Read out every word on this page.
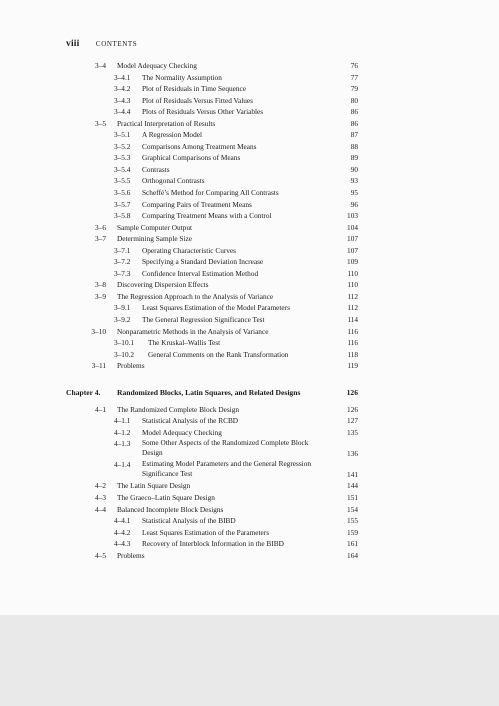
viii CONTENTS
3–4 Model Adequacy Checking	76
3–4.1 The Normality Assumption	77
3–4.2 Plot of Residuals in Time Sequence	79
3–4.3 Plot of Residuals Versus Fitted Values	80
3–4.4 Plots of Residuals Versus Other Variables	86
3–5 Practical Interpretation of Results	86
3–5.1 A Regression Model	87
3–5.2 Comparisons Among Treatment Means	88
3–5.3 Graphical Comparisons of Means	89
3–5.4 Contrasts	90
3–5.5 Orthogonal Contrasts	93
3–5.6 Scheffé’s Method for Comparing All Contrasts	95
3–5.7 Comparing Pairs of Treatment Means	96
3–5.8 Comparing Treatment Means with a Control	103
3–6 Sample Computer Output	104
3–7 Determining Sample Size	107
3–7.1 Operating Characteristic Curves	107
3–7.2 Specifying a Standard Deviation Increase	109
3–7.3 Confidence Interval Estimation Method	110
3–8 Discovering Dispersion Effects	110
3–9 The Regression Approach to the Analysis of Variance	112
3–9.1 Least Squares Estimation of the Model Parameters	112
3–9.2 The General Regression Significance Test	114
3–10 Nonparametric Methods in the Analysis of Variance	116
3–10.1 The Kruskal–Wallis Test	116
3–10.2 General Comments on the Rank Transformation	118
3–11 Problems	119
Chapter 4. Randomized Blocks, Latin Squares, and Related Designs	126
4–1 The Randomized Complete Block Design	126
4–1.1 Statistical Analysis of the RCBD	127
4–1.2 Model Adequacy Checking	135
4–1.3 Some Other Aspects of the Randomized Complete Block Design	136
4–1.4 Estimating Model Parameters and the General Regression Significance Test	141
4–2 The Latin Square Design	144
4–3 The Graeco–Latin Square Design	151
4–4 Balanced Incomplete Block Designs	154
4–4.1 Statistical Analysis of the BIBD	155
4–4.2 Least Squares Estimation of the Parameters	159
4–4.3 Recovery of Interblock Information in the BIBD	161
4–5 Problems	164
